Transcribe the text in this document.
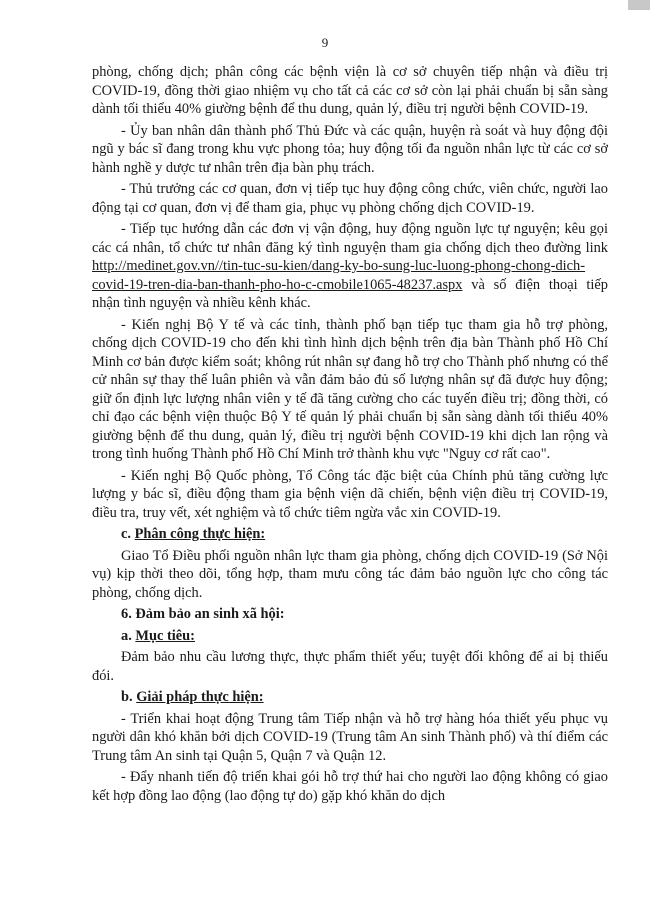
9

phòng, chống dịch; phân công các bệnh viện là cơ sở chuyên tiếp nhận và điều trị COVID-19, đồng thời giao nhiệm vụ cho tất cả các cơ sở còn lại phải chuẩn bị sẵn sàng dành tối thiểu 40% giường bệnh để thu dung, quản lý, điều trị người bệnh COVID-19.

- Ủy ban nhân dân thành phố Thủ Đức và các quận, huyện rà soát và huy động đội ngũ y bác sĩ đang trong khu vực phong tỏa; huy động tối đa nguồn nhân lực từ các cơ sở hành nghề y dược tư nhân trên địa bàn phụ trách.

- Thủ trưởng các cơ quan, đơn vị tiếp tục huy động công chức, viên chức, người lao động tại cơ quan, đơn vị để tham gia, phục vụ phòng chống dịch COVID-19.

- Tiếp tục hướng dẫn các đơn vị vận động, huy động nguồn lực tự nguyện; kêu gọi các cá nhân, tổ chức tư nhân đăng ký tình nguyện tham gia chống dịch theo đường link http://medinet.gov.vn//tin-tuc-su-kien/dang-ky-bo-sung-luc-luong-phong-chong-dich-covid-19-tren-dia-ban-thanh-pho-ho-c-cmobile1065-48237.aspx và số điện thoại tiếp nhận tình nguyện và nhiều kênh khác.

- Kiến nghị Bộ Y tế và các tỉnh, thành phố bạn tiếp tục tham gia hỗ trợ phòng, chống dịch COVID-19 cho đến khi tình hình dịch bệnh trên địa bàn Thành phố Hồ Chí Minh cơ bản được kiểm soát; không rút nhân sự đang hỗ trợ cho Thành phố nhưng có thể cử nhân sự thay thế luân phiên và vẫn đảm bảo đủ số lượng nhân sự đã được huy động; giữ ổn định lực lượng nhân viên y tế đã tăng cường cho các tuyến điều trị; đồng thời, có chỉ đạo các bệnh viện thuộc Bộ Y tế quản lý phải chuẩn bị sẵn sàng dành tối thiểu 40% giường bệnh để thu dung, quản lý, điều trị người bệnh COVID-19 khi dịch lan rộng và trong tình huống Thành phố Hồ Chí Minh trở thành khu vực "Nguy cơ rất cao".

- Kiến nghị Bộ Quốc phòng, Tổ Công tác đặc biệt của Chính phủ tăng cường lực lượng y bác sĩ, điều động tham gia bệnh viện dã chiến, bệnh viện điều trị COVID-19, điều tra, truy vết, xét nghiệm và tổ chức tiêm ngừa vắc xin COVID-19.

c. Phân công thực hiện:

Giao Tổ Điều phối nguồn nhân lực tham gia phòng, chống dịch COVID-19 (Sở Nội vụ) kịp thời theo dõi, tổng hợp, tham mưu công tác đảm bảo nguồn lực cho công tác phòng, chống dịch.

6. Đảm bảo an sinh xã hội:

a. Mục tiêu:

Đảm bảo nhu cầu lương thực, thực phẩm thiết yếu; tuyệt đối không để ai bị thiếu đói.

b. Giải pháp thực hiện:

- Triển khai hoạt động Trung tâm Tiếp nhận và hỗ trợ hàng hóa thiết yếu phục vụ người dân khó khăn bởi dịch COVID-19 (Trung tâm An sinh Thành phố) và thí điểm các Trung tâm An sinh tại Quận 5, Quận 7 và Quận 12.

- Đẩy nhanh tiến độ triển khai gói hỗ trợ thứ hai cho người lao động không có giao kết hợp đồng lao động (lao động tự do) gặp khó khăn do dịch
